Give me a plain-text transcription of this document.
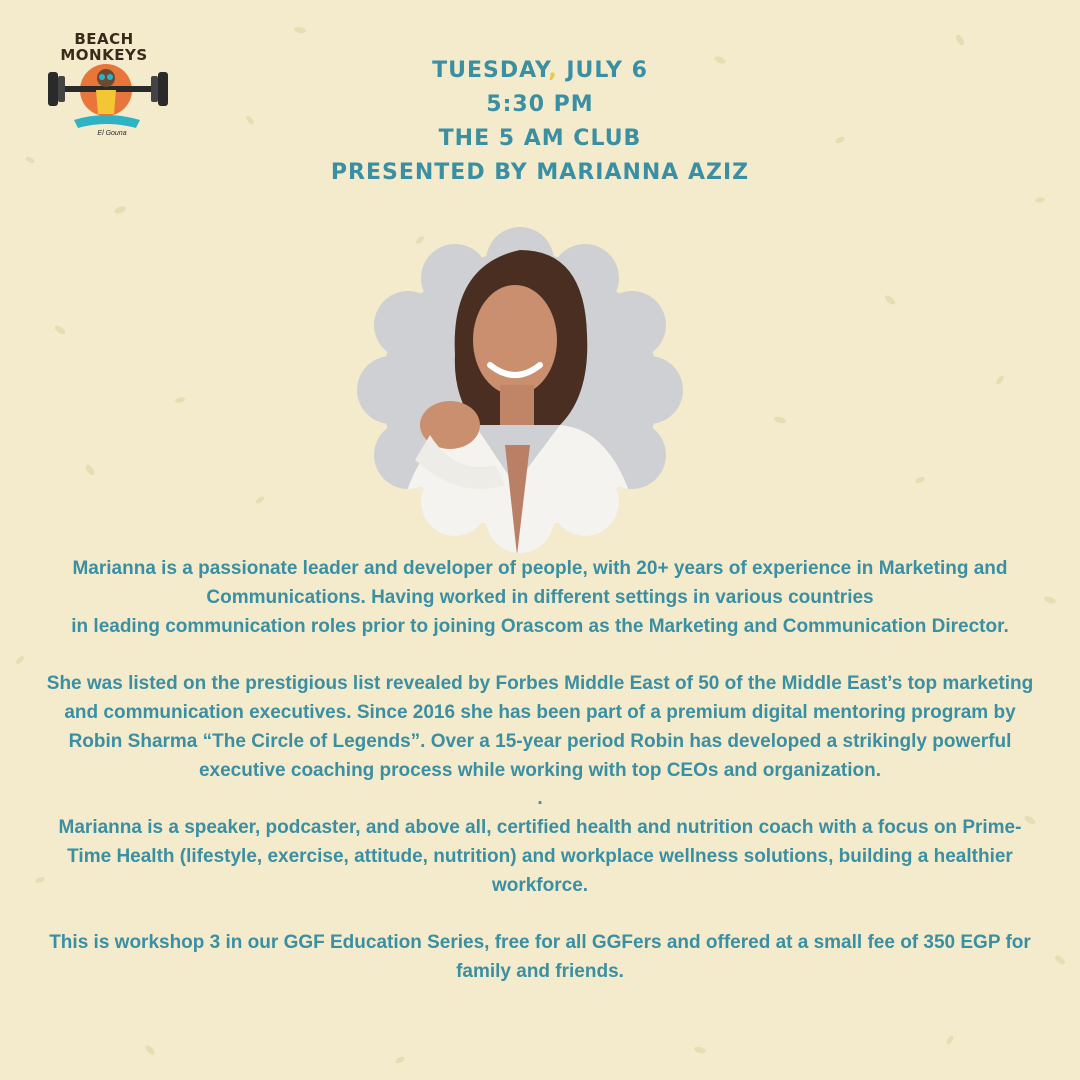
BEACH
MONKEYS
El Gouna
TUESDAY, JULY 6
5:30 PM
THE 5 AM CLUB
PRESENTED BY MARIANNA AZIZ

Marianna is a passionate leader and developer of people, with 20+ years of experience in Marketing and Communications. Having worked in different settings in various countries
in leading communication roles prior to joining Orascom as the Marketing and Communication Director.

She was listed on the prestigious list revealed by Forbes Middle East of 50 of the Middle East’s top marketing and communication executives. Since 2016 she has been part of a premium digital mentoring program by Robin Sharma “The Circle of Legends”. Over a 15-year period Robin has developed a strikingly powerful executive coaching process while working with top CEOs and organization.

.

Marianna is a speaker, podcaster, and above all, certified health and nutrition coach with a focus on Prime-Time Health (lifestyle, exercise, attitude, nutrition) and workplace wellness solutions, building a healthier workforce.

This is workshop 3 in our GGF Education Series, free for all GGFers and offered at a small fee of 350 EGP for family and friends.
